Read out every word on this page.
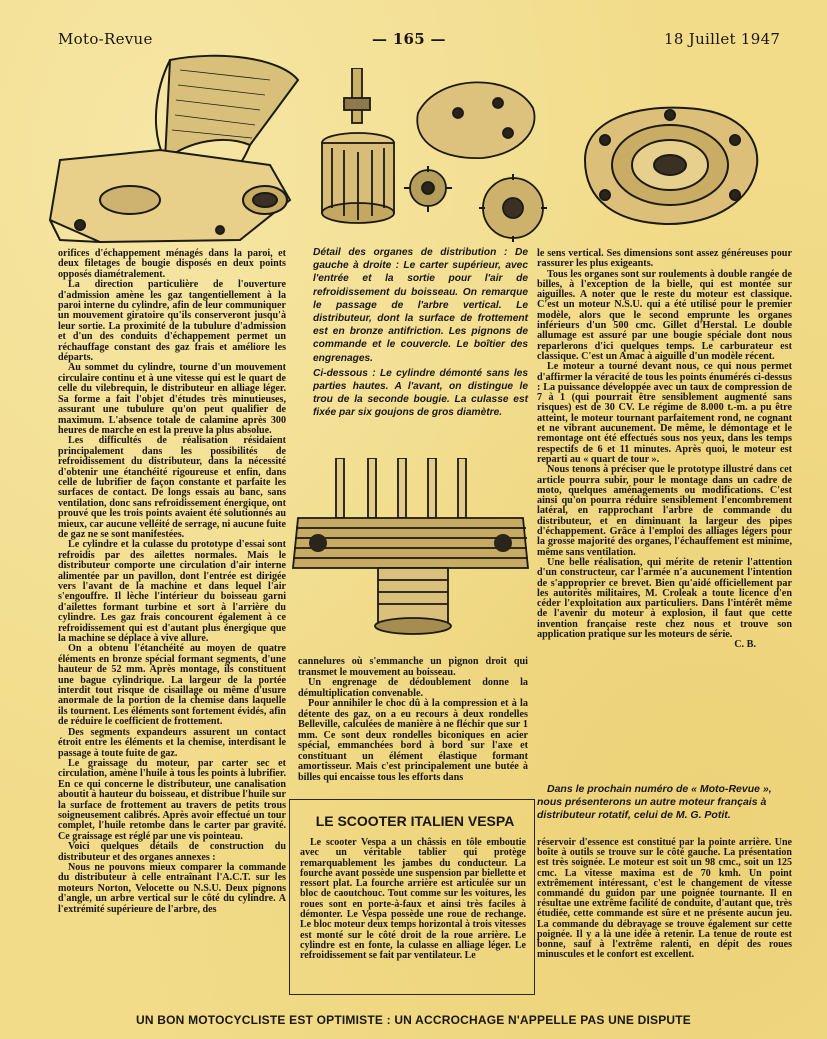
Moto-Revue	— 165 —	18 Juillet 1947

Détail des organes de distribution : De gauche à droite : Le carter supérieur, avec l'entrée et la sortie pour l'air de refroidissement du boisseau. On remarque le passage de l'arbre vertical. Le distributeur, dont la surface de frottement est en bronze antifriction. Les pignons de commande et le couvercle. Le boîtier des engrenages.

Ci-dessous : Le cylindre démonté sans les parties hautes. A l'avant, on distingue le trou de la seconde bougie. La culasse est fixée par six goujons de gros diamètre.

orifices d'échappement ménagés dans la paroi, et deux filetages de bougie disposés en deux points opposés diamétralement.

La direction particulière de l'ouverture d'admission amène les gaz tangentiellement à la paroi interne du cylindre, afin de leur communiquer un mouvement giratoire qu'ils conserveront jusqu'à leur sortie. La proximité de la tubulure d'admission et d'un des conduits d'échappement permet un réchauffage constant des gaz frais et améliore les départs.

Au sommet du cylindre, tourne d'un mouvement circulaire continu et à une vitesse qui est le quart de celle du vilebrequin, le distributeur en alliage léger. Sa forme a fait l'objet d'études très minutieuses, assurant une tubulure qu'on peut qualifier de maximum. L'absence totale de calamine après 300 heures de marche en est la preuve la plus absolue.

Les difficultés de réalisation résidaient principalement dans les possibilités de refroidissement du distributeur, dans la nécessité d'obtenir une étanchéité rigoureuse et enfin, dans celle de lubrifier de façon constante et parfaite les surfaces de contact. De longs essais au banc, sans ventilation, donc sans refroidissement énergique, ont prouvé que les trois points avaient été solutionnés au mieux, car aucune velléité de serrage, ni aucune fuite de gaz ne se sont manifestées.

Le cylindre et la culasse du prototype d'essai sont refroidis par des ailettes normales. Mais le distributeur comporte une circulation d'air interne alimentée par un pavillon, dont l'entrée est dirigée vers l'avant de la machine et dans lequel l'air s'engouffre. Il lèche l'intérieur du boisseau garni d'ailettes formant turbine et sort à l'arrière du cylindre. Les gaz frais concourent également à ce refroidissement qui est d'autant plus énergique que la machine se déplace à vive allure.

On a obtenu l'étanchéité au moyen de quatre éléments en bronze spécial formant segments, d'une hauteur de 52 mm. Après montage, ils constituent une bague cylindrique. La largeur de la portée interdit tout risque de cisaillage ou même d'usure anormale de la portion de la chemise dans laquelle ils tournent. Les éléments sont fortement évidés, afin de réduire le coefficient de frottement.

Des segments expandeurs assurent un contact étroit entre les éléments et la chemise, interdisant le passage à toute fuite de gaz.

Le graissage du moteur, par carter sec et circulation, amène l'huile à tous les points à lubrifier. En ce qui concerne le distributeur, une canalisation aboutit à hauteur du boisseau, et distribue l'huile sur la surface de frottement au travers de petits trous soigneusement calibrés. Après avoir effectué un tour complet, l'huile retombe dans le carter par gravité. Ce graissage est réglé par une vis pointeau.

Voici quelques détails de construction du distributeur et des organes annexes :

Nous ne pouvons mieux comparer la commande du distributeur à celle entraînant l'A.C.T. sur les moteurs Norton, Velocette ou N.S.U. Deux pignons d'angle, un arbre vertical sur le côté du cylindre. A l'extrémité supérieure de l'arbre, des

cannelures où s'emmanche un pignon droit qui transmet le mouvement au boisseau.

Un engrenage de dédoublement donne la démultiplication convenable.

Pour annihiler le choc dû à la compression et à la détente des gaz, on a eu recours à deux rondelles Belleville, calculées de manière à ne fléchir que sur 1 mm. Ce sont deux rondelles biconiques en acier spécial, emmanchées bord à bord sur l'axe et constituant un élément élastique formant amortisseur. Mais c'est principalement une butée à billes qui encaisse tous les efforts dans

le sens vertical. Ses dimensions sont assez généreuses pour rassurer les plus exigeants.

Tous les organes sont sur roulements à double rangée de billes, à l'exception de la bielle, qui est montée sur aiguilles. A noter que le reste du moteur est classique. C'est un moteur N.S.U. qui a été utilisé pour le premier modèle, alors que le second emprunte les organes inférieurs d'un 500 cmc. Gillet d'Herstal. Le double allumage est assuré par une bougie spéciale dont nous reparlerons d'ici quelques temps. Le carburateur est classique. C'est un Amac à aiguille d'un modèle récent.

Le moteur a tourné devant nous, ce qui nous permet d'affirmer la véracité de tous les points énumérés ci-dessus : La puissance développée avec un taux de compression de 7 à 1 (qui pourrait être sensiblement augmenté sans risques) est de 30 CV. Le régime de 8.000 t.-m. a pu être atteint, le moteur tournant parfaitement rond, ne cognant et ne vibrant aucunement. De même, le démontage et le remontage ont été effectués sous nos yeux, dans les temps respectifs de 6 et 11 minutes. Après quoi, le moteur est reparti au « quart de tour ».

Nous tenons à préciser que le prototype illustré dans cet article pourra subir, pour le montage dans un cadre de moto, quelques aménagements ou modifications. C'est ainsi qu'on pourra réduire sensiblement l'encombrement latéral, en rapprochant l'arbre de commande du distributeur, et en diminuant la largeur des pipes d'échappement. Grâce à l'emploi des alliages légers pour la grosse majorité des organes, l'échauffement est minime, même sans ventilation.

Une belle réalisation, qui mérite de retenir l'attention d'un constructeur, car l'armée n'a aucunement l'intention de s'approprier ce brevet. Bien qu'aidé officiellement par les autorités militaires, M. Croleak a toute licence d'en céder l'exploitation aux particuliers. Dans l'intérêt même de l'avenir du moteur à explosion, il faut que cette invention française reste chez nous et trouve son application pratique sur les moteurs de série.

C. B.

Dans le prochain numéro de « Moto-Revue », nous présenterons un autre moteur français à distributeur rotatif, celui de M. G. Potit.

LE SCOOTER ITALIEN VESPA

Le scooter Vespa a un châssis en tôle emboutie avec un véritable tablier qui protège remarquablement les jambes du conducteur. La fourche avant possède une suspension par biellette et ressort plat. La fourche arrière est articulée sur un bloc de caoutchouc. Tout comme sur les voitures, les roues sont en porte-à-faux et ainsi très faciles à démonter. Le Vespa possède une roue de rechange. Le bloc moteur deux temps horizontal à trois vitesses est monté sur le côté droit de la roue arrière. Le cylindre est en fonte, la culasse en alliage léger. Le refroidissement se fait par ventilateur. Le

réservoir d'essence est constitué par la pointe arrière. Une boîte à outils se trouve sur le côté gauche. La présentation est très soignée. Le moteur est soit un 98 cmc., soit un 125 cmc. La vitesse maxima est de 70 kmh. Un point extrêmement intéressant, c'est le changement de vitesse commandé du guidon par une poignée tournante. Il en résultae une extrême facilité de conduite, d'autant que, très étudiée, cette commande est sûre et ne présente aucun jeu. La commande du débrayage se trouve également sur cette poignée. Il y a là une idée à retenir. La tenue de route est bonne, sauf à l'extrême ralenti, en dépit des roues minuscules et le confort est excellent.

UN BON MOTOCYCLISTE EST OPTIMISTE : UN ACCROCHAGE N'APPELLE PAS UNE DISPUTE
